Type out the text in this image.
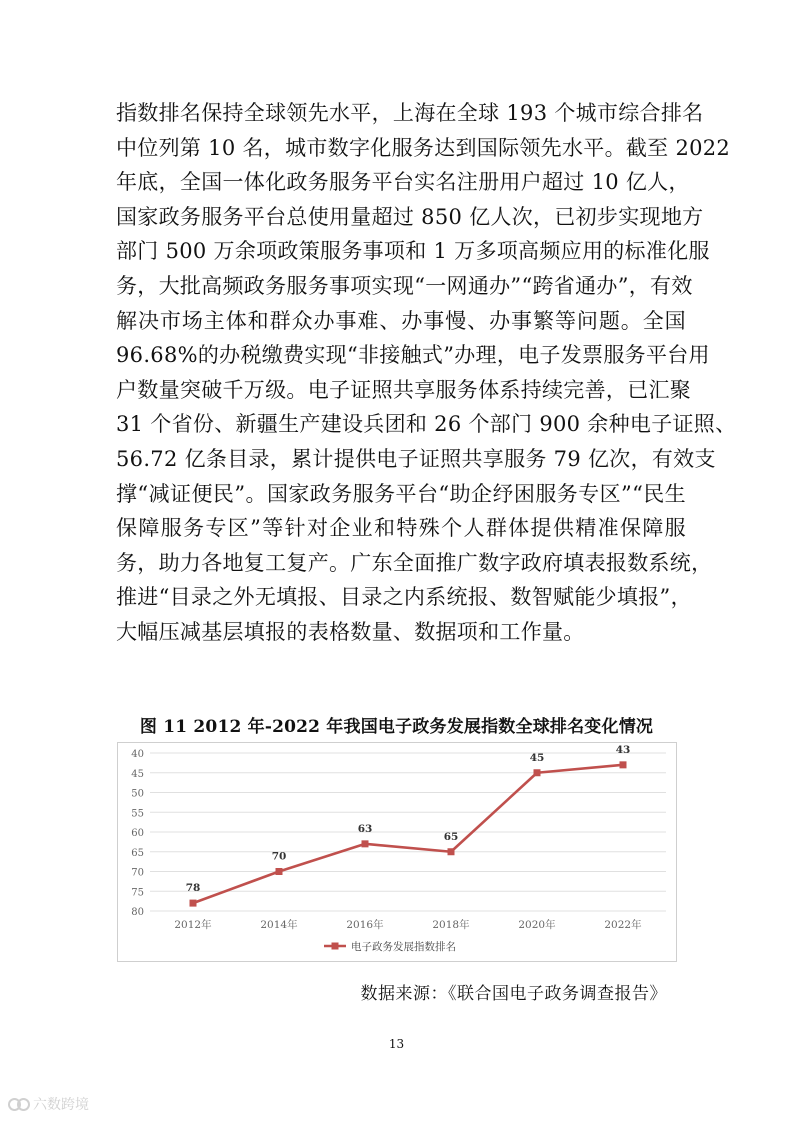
指数排名保持全球领先水平，上海在全球 193 个城市综合排名
中位列第 10 名，城市数字化服务达到国际领先水平。截至 2022
年底，全国一体化政务服务平台实名注册用户超过 10 亿人，
国家政务服务平台总使用量超过 850 亿人次，已初步实现地方
部门 500 万余项政策服务事项和 1 万多项高频应用的标准化服
务，大批高频政务服务事项实现“一网通办”“跨省通办”，有效
解决市场主体和群众办事难、办事慢、办事繁等问题。全国
96.68%的办税缴费实现“非接触式”办理，电子发票服务平台用
户数量突破千万级。电子证照共享服务体系持续完善，已汇聚
31 个省份、新疆生产建设兵团和 26 个部门 900 余种电子证照、
56.72 亿条目录，累计提供电子证照共享服务 79 亿次，有效支
撑“减证便民”。国家政务服务平台“助企纾困服务专区”“民生
保障服务专区”等针对企业和特殊个人群体提供精准保障服
务，助力各地复工复产。广东全面推广数字政府填表报数系统，
推进“目录之外无填报、目录之内系统报、数智赋能少填报”，
大幅压减基层填报的表格数量、数据项和工作量。
图 11 2012 年-2022 年我国电子政务发展指数全球排名变化情况
40
45
50
55
60
65
70
75
80
2012年	2014年	2016年	2018年	2020年	2022年
78
70
63
65
45
43
电子政务发展指数排名
数据来源：《联合国电子政务调查报告》
13
六数跨境
